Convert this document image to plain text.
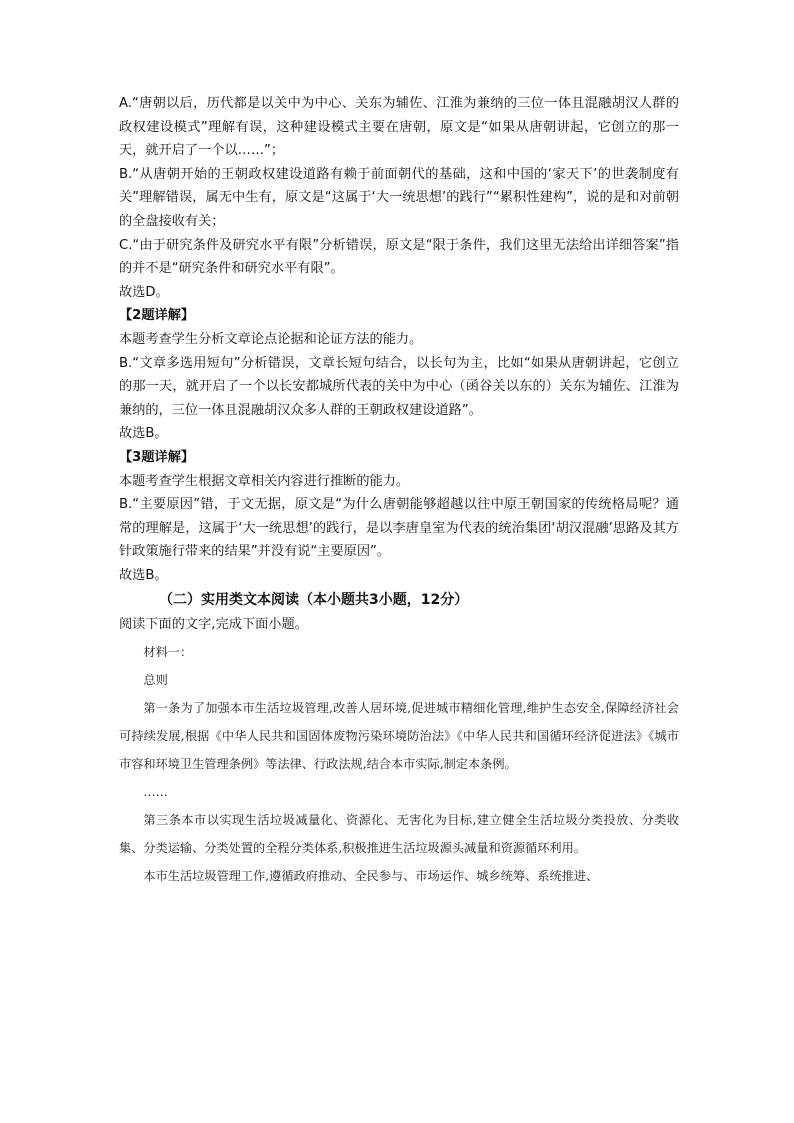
A.“唐朝以后，历代都是以关中为中心、关东为辅佐、江淮为兼纳的三位一体且混融胡汉人群的政权建设模式”理解有误，这种建设模式主要在唐朝，原文是“如果从唐朝讲起，它创立的那一天，就开启了一个以……”；

B.“从唐朝开始的王朝政权建设道路有赖于前面朝代的基础，这和中国的‘家天下’的世袭制度有关”理解错误，属无中生有，原文是“这属于‘大一统思想’的践行”“累积性建构”，说的是和对前朝的全盘接收有关；

C.“由于研究条件及研究水平有限”分析错误，原文是“限于条件，我们这里无法给出详细答案”指的并不是“研究条件和研究水平有限”。

故选D。

【2题详解】

本题考查学生分析文章论点论据和论证方法的能力。

B.“文章多选用短句”分析错误，文章长短句结合，以长句为主，比如“如果从唐朝讲起，它创立的那一天，就开启了一个以长安都城所代表的关中为中心（函谷关以东的）关东为辅佐、江淮为兼纳的，三位一体且混融胡汉众多人群的王朝政权建设道路”。

故选B。

【3题详解】

本题考查学生根据文章相关内容进行推断的能力。

B.“主要原因”错，于文无据，原文是“为什么唐朝能够超越以往中原王朝国家的传统格局呢？通常的理解是，这属于‘大一统思想’的践行，是以李唐皇室为代表的统治集团‘胡汉混融’思路及其方针政策施行带来的结果”并没有说“主要原因”。

故选B。

（二）实用类文本阅读（本小题共3小题，12分）

阅读下面的文字,完成下面小题。

材料一：

总则

第一条为了加强本市生活垃圾管理,改善人居环境,促进城市精细化管理,维护生态安全,保障经济社会可持续发展,根据《中华人民共和国固体废物污染环境防治法》《中华人民共和国循环经济促进法》《城市市容和环境卫生管理条例》等法律、行政法规,结合本市实际,制定本条例。

……

第三条本市以实现生活垃圾减量化、资源化、无害化为目标,建立健全生活垃圾分类投放、分类收集、分类运输、分类处置的全程分类体系,积极推进生活垃圾源头减量和资源循环利用。

本市生活垃圾管理工作,遵循政府推动、全民参与、市场运作、城乡统筹、系统推进、
